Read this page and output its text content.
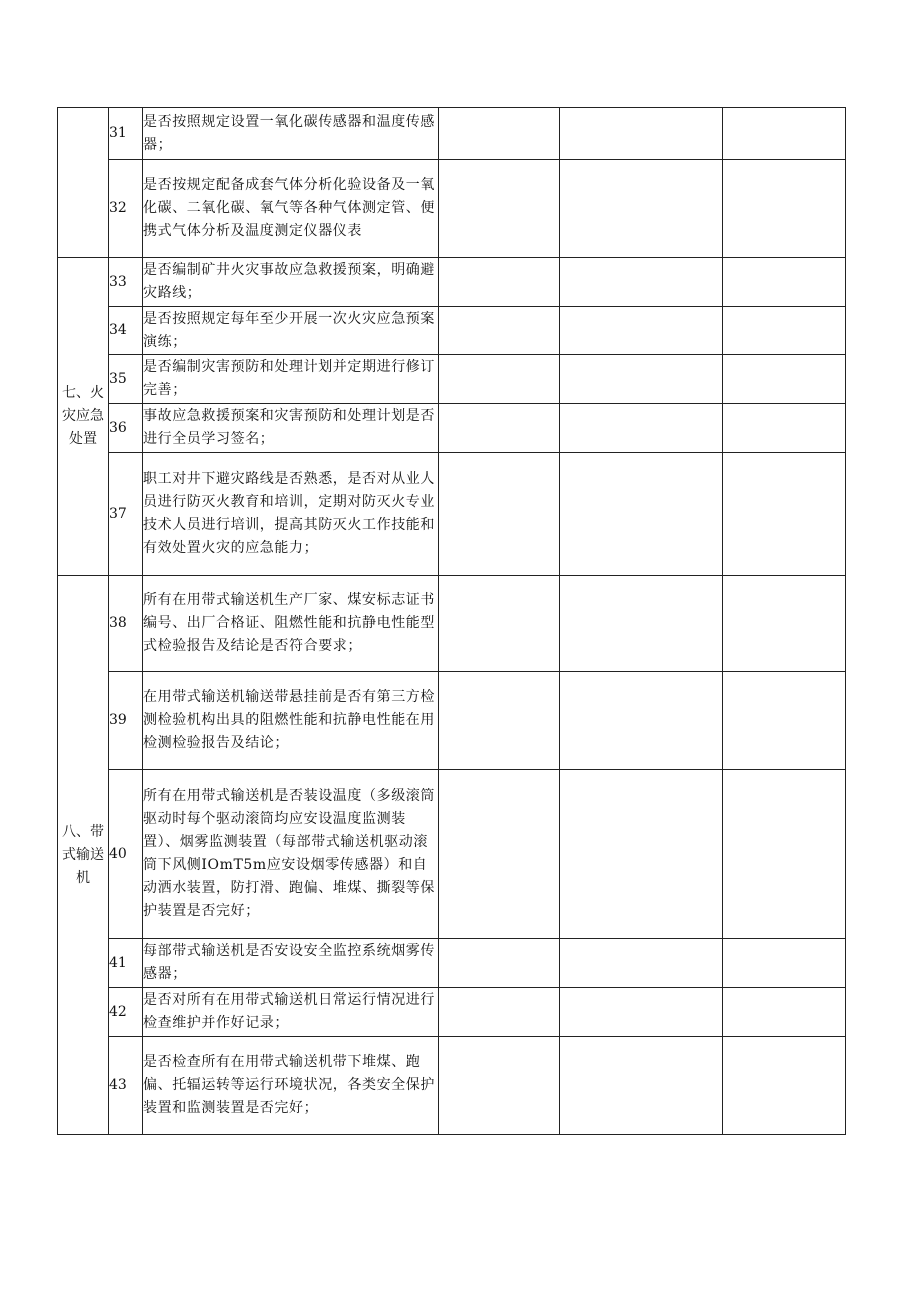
	31	是否按照规定设置一氧化碳传感器和温度传感器；			
	32	是否按规定配备成套气体分析化验设备及一氧化碳、二氧化碳、氧气等各种气体测定管、便携式气体分析及温度测定仪器仪表			

七、火灾应急处置	33	是否编制矿井火灾事故应急救援预案，明确避灾路线；			
	34	是否按照规定每年至少开展一次火灾应急预案演练；			
	35	是否编制灾害预防和处理计划并定期进行修订完善；			
	36	事故应急救援预案和灾害预防和处理计划是否进行全员学习签名；			
	37	职工对井下避灾路线是否熟悉，是否对从业人员进行防灭火教育和培训，定期对防灭火专业技术人员进行培训，提高其防灭火工作技能和有效处置火灾的应急能力；			

八、带式输送机	38	所有在用带式输送机生产厂家、煤安标志证书编号、出厂合格证、阻燃性能和抗静电性能型式检验报告及结论是否符合要求；			
	39	在用带式输送机输送带悬挂前是否有第三方检测检验机构出具的阻燃性能和抗静电性能在用检测检验报告及结论；			
	40	所有在用带式输送机是否装设温度（多级滚筒驱动时每个驱动滚筒均应安设温度监测装置）、烟雾监测装置（每部带式输送机驱动滚筒下风侧IOmT5m应安设烟零传感器）和自动洒水装置，防打滑、跑偏、堆煤、撕裂等保护装置是否完好；			
	41	每部带式输送机是否安设安全监控系统烟雾传感器；			
	42	是否对所有在用带式输送机日常运行情况进行检查维护并作好记录；			
	43	是否检查所有在用带式输送机带下堆煤、跑偏、托辐运转等运行环境状况，各类安全保护装置和监测装置是否完好；			
